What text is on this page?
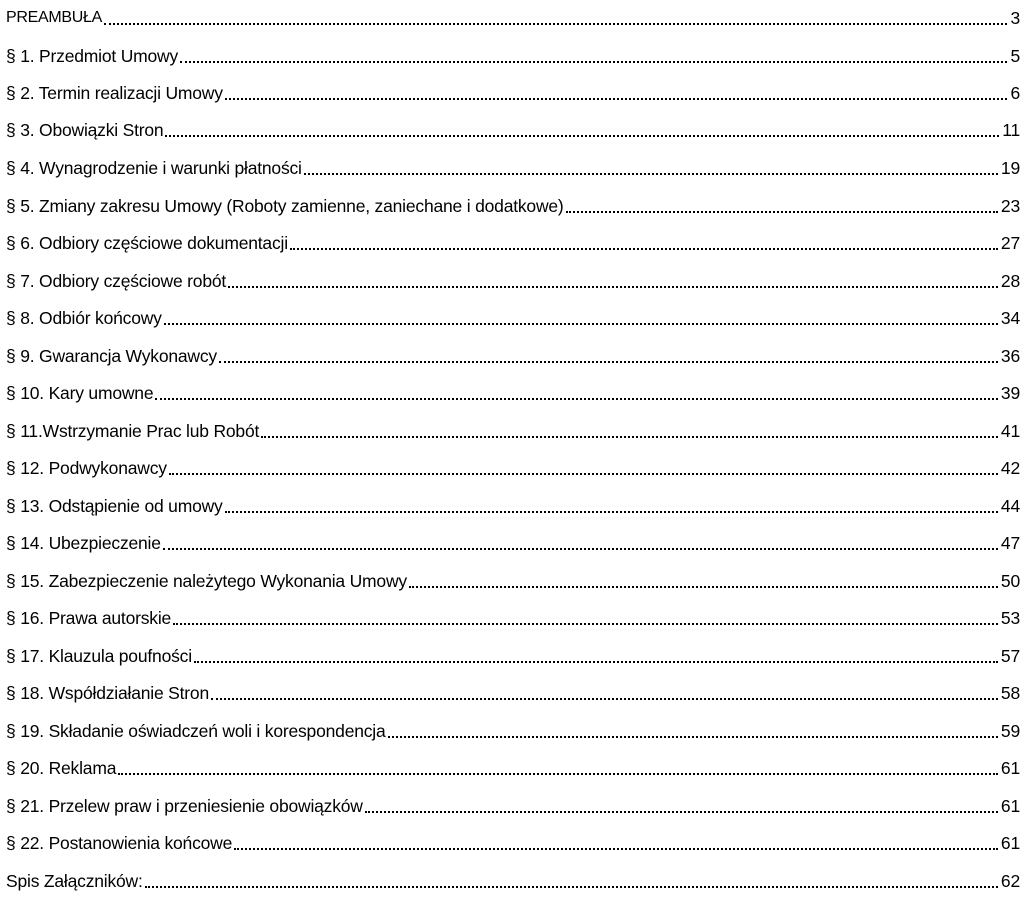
PREAMBUŁA	3
§ 1. Przedmiot Umowy	5
§ 2. Termin realizacji Umowy	6
§ 3. Obowiązki Stron	11
§ 4. Wynagrodzenie i warunki płatności	19
§ 5. Zmiany zakresu Umowy (Roboty zamienne, zaniechane i dodatkowe)	23
§ 6. Odbiory częściowe dokumentacji	27
§ 7. Odbiory częściowe robót	28
§ 8. Odbiór końcowy	34
§ 9. Gwarancja Wykonawcy	36
§ 10. Kary umowne	39
§ 11.Wstrzymanie Prac lub Robót	41
§ 12. Podwykonawcy	42
§ 13. Odstąpienie od umowy	44
§ 14. Ubezpieczenie	47
§ 15. Zabezpieczenie należytego Wykonania Umowy	50
§ 16. Prawa autorskie	53
§ 17. Klauzula poufności	57
§ 18. Współdziałanie Stron	58
§ 19. Składanie oświadczeń woli i korespondencja	59
§ 20. Reklama	61
§ 21. Przelew praw i przeniesienie obowiązków	61
§ 22. Postanowienia końcowe	61
Spis Załączników:	62
